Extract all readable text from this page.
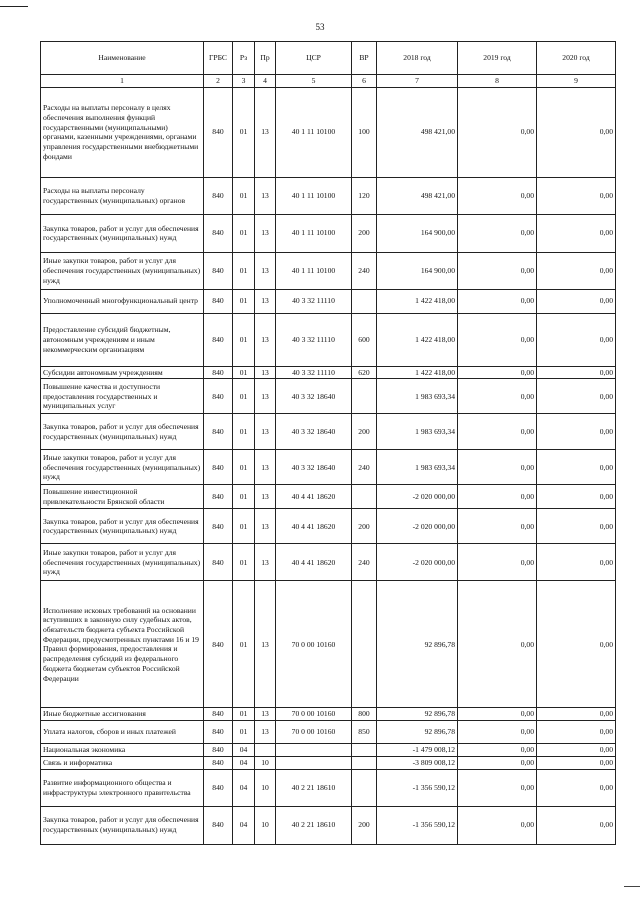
53
Наименование	ГРБС	Рз	Пр	ЦСР	ВР	2018 год	2019 год	2020 год
1	2	3	4	5	6	7	8	9
Расходы на выплаты персоналу в целях обеспечения выполнения функций государственными (муниципальными) органами, казенными учреждениями, органами управления государственными внебюджетными фондами	840	01	13	40 1 11 10100	100	498 421,00	0,00	0,00
Расходы на выплаты персоналу государственных (муниципальных) органов	840	01	13	40 1 11 10100	120	498 421,00	0,00	0,00
Закупка товаров, работ и услуг для обеспечения государственных (муниципальных) нужд	840	01	13	40 1 11 10100	200	164 900,00	0,00	0,00
Иные закупки товаров, работ и услуг для обеспечения государственных (муниципальных) нужд	840	01	13	40 1 11 10100	240	164 900,00	0,00	0,00
Уполномоченный многофункциональный центр	840	01	13	40 3 32 11110		1 422 418,00	0,00	0,00
Предоставление субсидий бюджетным, автономным учреждениям и иным некоммерческим организациям	840	01	13	40 3 32 11110	600	1 422 418,00	0,00	0,00
Субсидии автономным учреждениям	840	01	13	40 3 32 11110	620	1 422 418,00	0,00	0,00
Повышение качества и доступности предоставления государственных и муниципальных услуг	840	01	13	40 3 32 18640		1 983 693,34	0,00	0,00
Закупка товаров, работ и услуг для обеспечения государственных (муниципальных) нужд	840	01	13	40 3 32 18640	200	1 983 693,34	0,00	0,00
Иные закупки товаров, работ и услуг для обеспечения государственных (муниципальных) нужд	840	01	13	40 3 32 18640	240	1 983 693,34	0,00	0,00
Повышение инвестиционной привлекательности Брянской области	840	01	13	40 4 41 18620		-2 020 000,00	0,00	0,00
Закупка товаров, работ и услуг для обеспечения государственных (муниципальных) нужд	840	01	13	40 4 41 18620	200	-2 020 000,00	0,00	0,00
Иные закупки товаров, работ и услуг для обеспечения государственных (муниципальных) нужд	840	01	13	40 4 41 18620	240	-2 020 000,00	0,00	0,00
Исполнение исковых требований на основании вступивших в законную силу судебных актов, обязательств бюджета субъекта Российской Федерации, предусмотренных пунктами 16 и 19 Правил формирования, предоставления и распределения субсидий из федерального бюджета бюджетам субъектов Российской Федерации	840	01	13	70 0 00 10160		92 896,78	0,00	0,00
Иные бюджетные ассигнования	840	01	13	70 0 00 10160	800	92 896,78	0,00	0,00
Уплата налогов, сборов и иных платежей	840	01	13	70 0 00 10160	850	92 896,78	0,00	0,00
Национальная экономика	840	04				-1 479 008,12	0,00	0,00
Связь и информатика	840	04	10			-3 809 008,12	0,00	0,00
Развитие информационного общества и инфраструктуры электронного правительства	840	04	10	40 2 21 18610		-1 356 590,12	0,00	0,00
Закупка товаров, работ и услуг для обеспечения государственных (муниципальных) нужд	840	04	10	40 2 21 18610	200	-1 356 590,12	0,00	0,00
